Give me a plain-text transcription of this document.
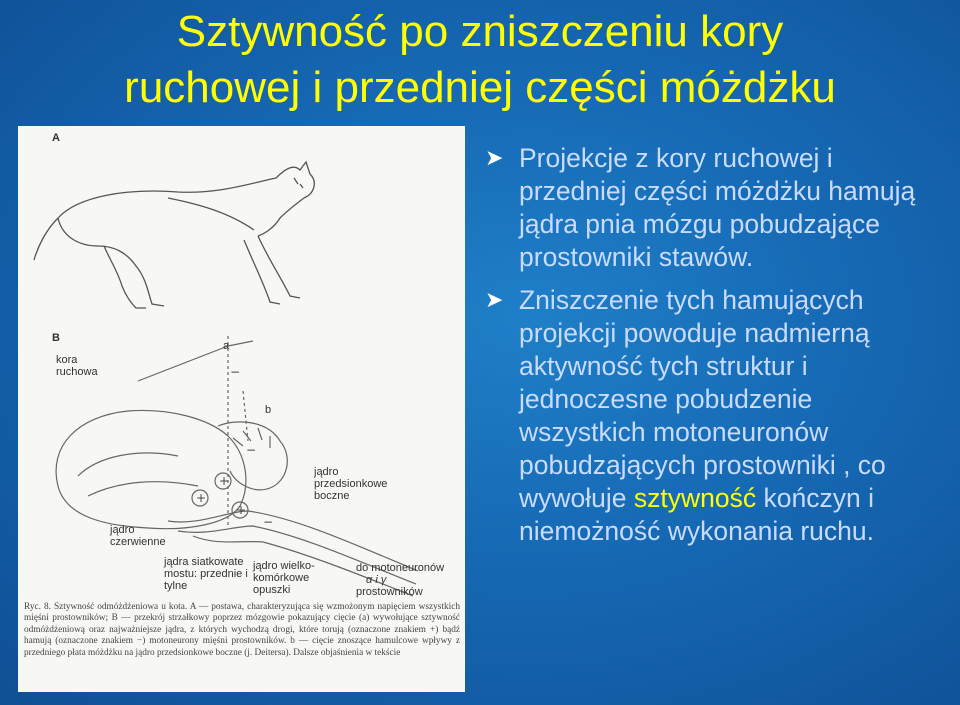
Sztywność po zniszczeniu kory
ruchowej i przedniej części móżdżku
+
+
+
−
−
−
A
B
kora
ruchowa
a
b
jądro
przedsionkowe
boczne
jądro
czerwienne
jądra siatkowate
mostu: przednie i
tylne
jądro wielko-
komórkowe
opuszki
do motoneuronów
α i γ
prostowników
Ryc. 8. Sztywność odmóżdżeniowa u kota. A — postawa, charakteryzująca się wzmożonym napięciem wszystkich mięśni prostowników; B — przekrój strzałkowy poprzez mózgowie pokazujący cięcie (a) wywołujące sztywność odmóżdżeniową oraz najważniejsze jądra, z których wychodzą drogi, które torują (oznaczone znakiem +) bądź hamują (oznaczone znakiem −) motoneurony mięśni prostowników. b — cięcie znoszące hamulcowe wpływy z przedniego płata móżdżku na jądro przedsionkowe boczne (j. Deitersa). Dalsze objaśnienia w tekście
➤ Projekcje z kory ruchowej i przedniej części móżdżku hamują jądra pnia mózgu pobudzające prostowniki stawów.
➤ Zniszczenie tych hamujących projekcji powoduje nadmierną aktywność tych struktur i jednoczesne pobudzenie wszystkich motoneuronów pobudzających prostowniki , co wywołuje sztywność kończyn i niemożność wykonania ruchu.
